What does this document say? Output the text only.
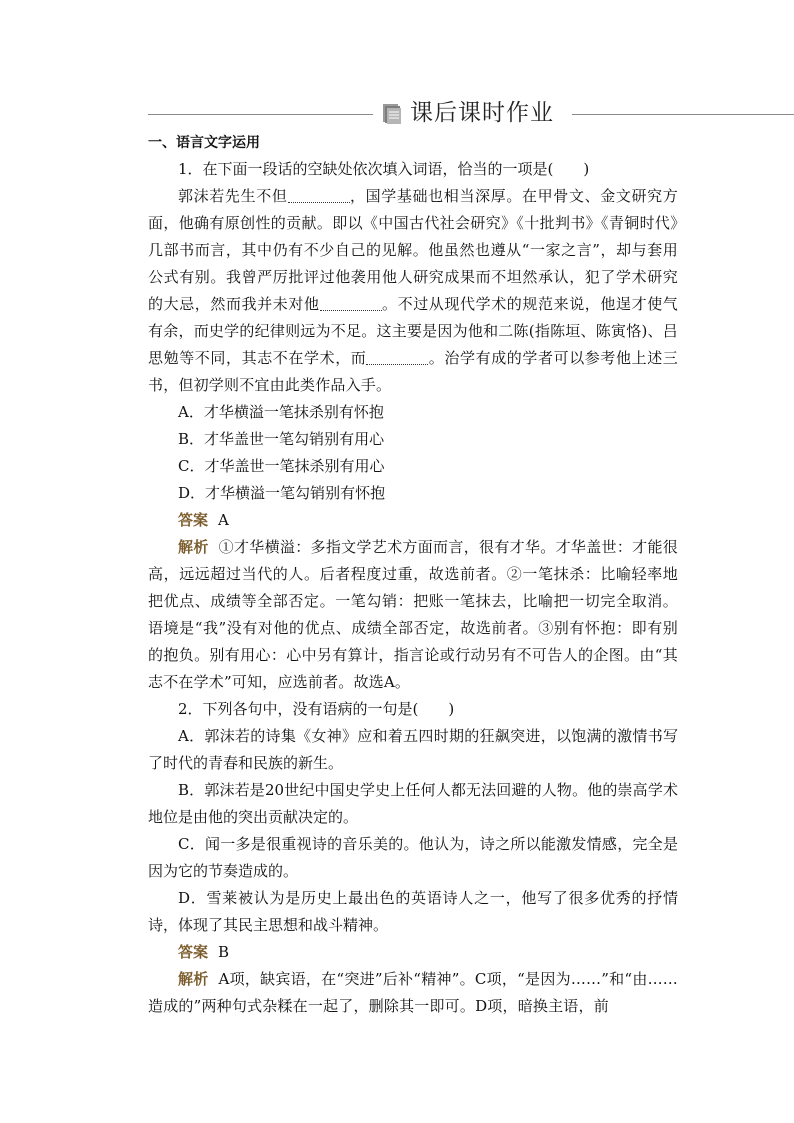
课后课时作业

一、语言文字运用

1．在下面一段话的空缺处依次填入词语，恰当的一项是(　　)

郭沫若先生不但	，国学基础也相当深厚。在甲骨文、金文研究方面，他确有原创性的贡献。即以《中国古代社会研究》《十批判书》《青铜时代》几部书而言，其中仍有不少自己的见解。他虽然也遵从“一家之言”，却与套用公式有别。我曾严厉批评过他袭用他人研究成果而不坦然承认，犯了学术研究的大忌，然而我并未对他	。不过从现代学术的规范来说，他逞才使气有余，而史学的纪律则远为不足。这主要是因为他和二陈(指陈垣、陈寅恪)、吕思勉等不同，其志不在学术，而	。治学有成的学者可以参考他上述三书，但初学则不宜由此类作品入手。

A．才华横溢一笔抹杀别有怀抱

B．才华盖世一笔勾销别有用心

C．才华盖世一笔抹杀别有用心

D．才华横溢一笔勾销别有怀抱

答案 A

解析 ①才华横溢：多指文学艺术方面而言，很有才华。才华盖世：才能很高，远远超过当代的人。后者程度过重，故选前者。②一笔抹杀：比喻轻率地把优点、成绩等全部否定。一笔勾销：把账一笔抹去，比喻把一切完全取消。语境是“我”没有对他的优点、成绩全部否定，故选前者。③别有怀抱：即有别的抱负。别有用心：心中另有算计，指言论或行动另有不可告人的企图。由“其志不在学术”可知，应选前者。故选A。

2．下列各句中，没有语病的一句是(　　)

A．郭沫若的诗集《女神》应和着五四时期的狂飙突进，以饱满的激情书写了时代的青春和民族的新生。

B．郭沫若是20世纪中国史学史上任何人都无法回避的人物。他的崇高学术地位是由他的突出贡献决定的。

C．闻一多是很重视诗的音乐美的。他认为，诗之所以能激发情感，完全是因为它的节奏造成的。

D．雪莱被认为是历史上最出色的英语诗人之一，他写了很多优秀的抒情诗，体现了其民主思想和战斗精神。

答案 B

解析 A项，缺宾语，在“突进”后补“精神”。C项，“是因为……”和“由……造成的”两种句式杂糅在一起了，删除其一即可。D项，暗换主语，前
